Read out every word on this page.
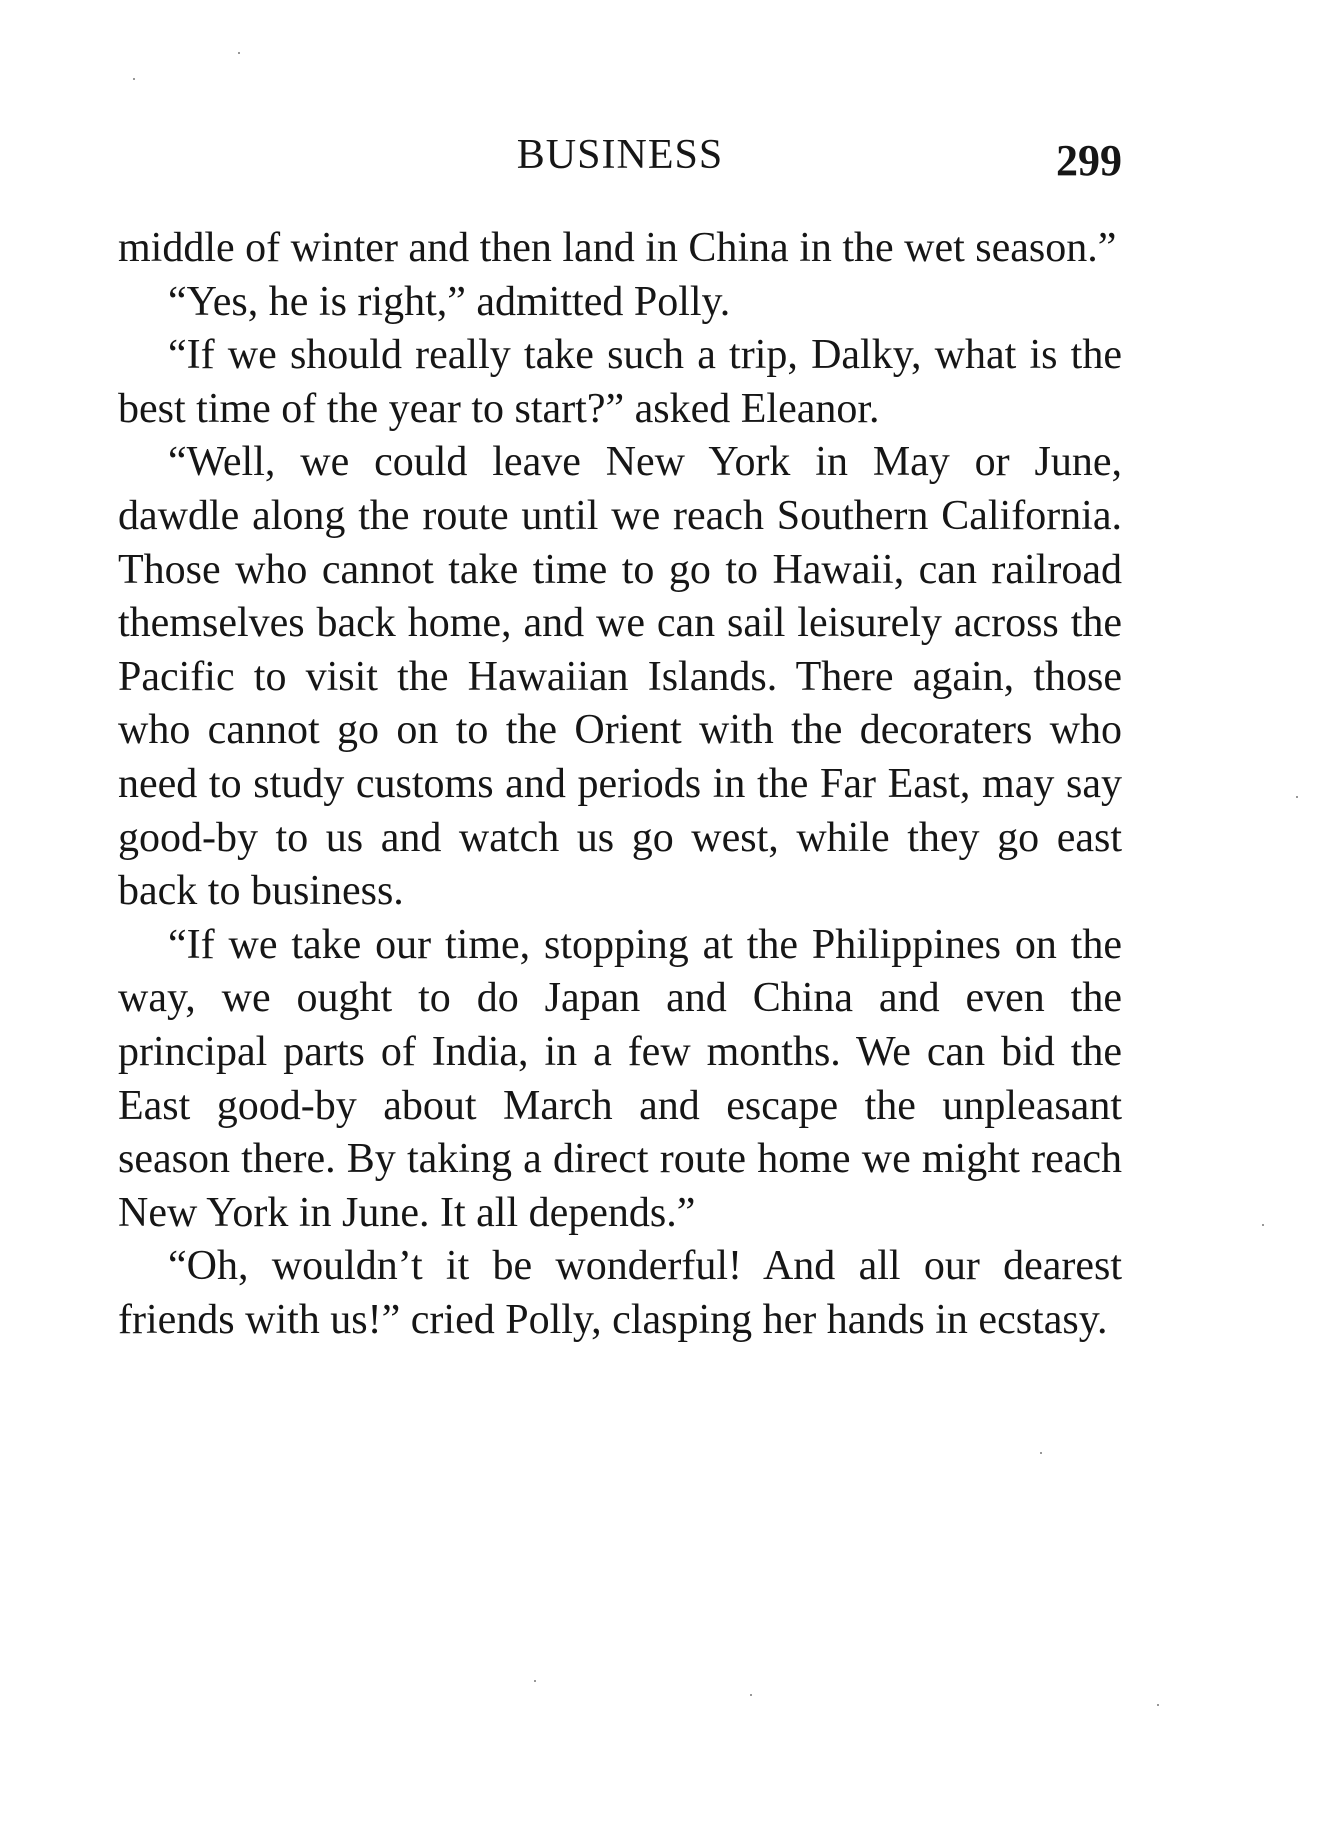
BUSINESS	299

middle of winter and then land in China in the wet season.”

“Yes, he is right,” admitted Polly.

“If we should really take such a trip, Dalky, what is the best time of the year to start?” asked Eleanor.

“Well, we could leave New York in May or June, dawdle along the route until we reach Southern California. Those who cannot take time to go to Hawaii, can railroad themselves back home, and we can sail leisurely across the Pacific to visit the Hawaiian Islands. There again, those who cannot go on to the Orient with the decoraters who need to study customs and periods in the Far East, may say good-by to us and watch us go west, while they go east back to business.

“If we take our time, stopping at the Philippines on the way, we ought to do Japan and China and even the principal parts of India, in a few months. We can bid the East good-by about March and escape the unpleasant season there. By taking a direct route home we might reach New York in June. It all depends.”

“Oh, wouldn’t it be wonderful! And all our dearest friends with us!” cried Polly, clasping her hands in ecstasy.
